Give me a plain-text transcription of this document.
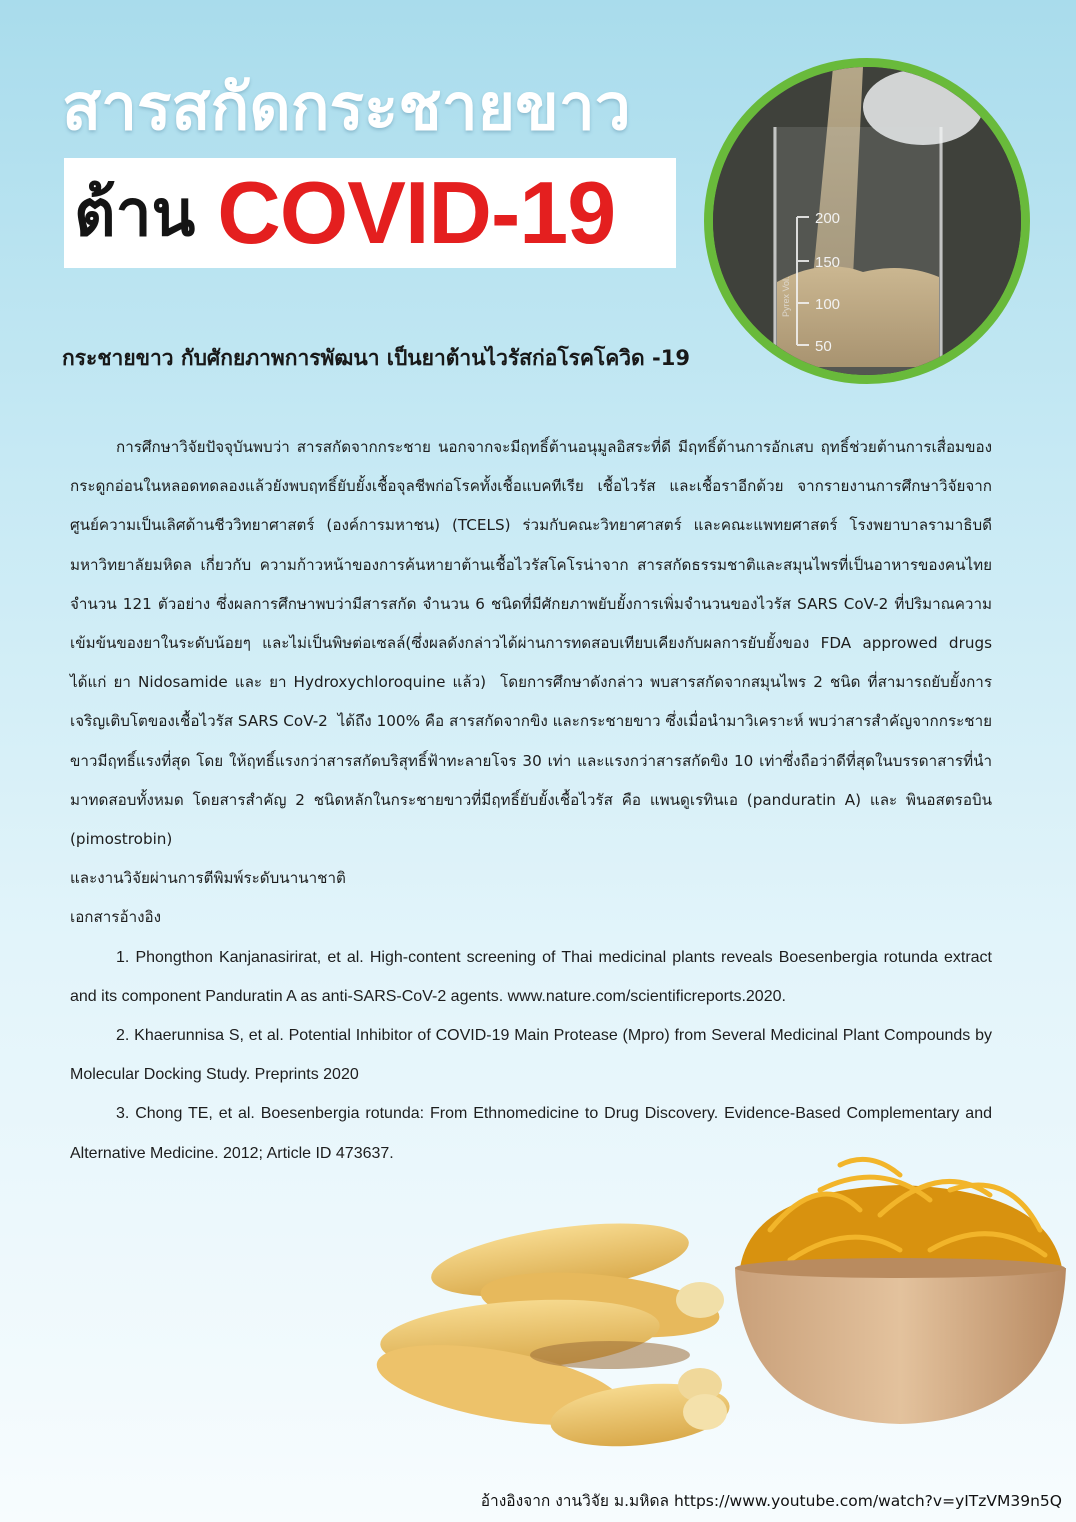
สารสกัดกระชายขาว
ต้าน COVID-19	200
150
100
50
Pyrex Vol.
กระชายขาว กับศักยภาพการพัฒนา เป็นยาต้านไวรัสก่อโรคโควิด -19

การศึกษาวิจัยปัจจุบันพบว่า สารสกัดจากกระชาย นอกจากจะมีฤทธิ์ต้านอนุมูลอิสระที่ดี มีฤทธิ์ต้านการอักเสบ ฤทธิ์ช่วยต้านการเสื่อมของกระดูกอ่อนในหลอดทดลองแล้วยังพบฤทธิ์ยับยั้งเชื้อจุลชีพก่อโรคทั้งเชื้อแบคทีเรีย เชื้อไวรัส และเชื้อราอีกด้วย จากรายงานการศึกษาวิจัยจากศูนย์ความเป็นเลิศด้านชีววิทยาศาสตร์ (องค์การมหาชน) (TCELS) ร่วมกับคณะวิทยาศาสตร์ และคณะแพทยศาสตร์ โรงพยาบาลรามาธิบดี มหาวิทยาลัยมหิดล เกี่ยวกับ ความก้าวหน้าของการค้นหายาต้านเชื้อไวรัสโคโรน่าจาก สารสกัดธรรมชาติและสมุนไพรที่เป็นอาหารของคนไทย จำนวน 121 ตัวอย่าง ซึ่งผลการศึกษาพบว่ามีสารสกัด จำนวน 6 ชนิดที่มีศักยภาพยับยั้งการเพิ่มจำนวนของไวรัส SARS CoV-2 ที่ปริมาณความเข้มข้นของยาในระดับน้อยๆ และไม่เป็นพิษต่อเซลล์(ซึ่งผลดังกล่าวได้ผ่านการทดสอบเทียบเคียงกับผลการยับยั้งของ FDA approwed drugs  ได้แก่ ยา Nidosamide และ ยา Hydroxychloroquine แล้ว)  โดยการศึกษาดังกล่าว พบสารสกัดจากสมุนไพร 2 ชนิด ที่สามารถยับยั้งการเจริญเติบโตของเชื้อไวรัส SARS CoV-2  ได้ถึง 100% คือ สารสกัดจากขิง และกระชายขาว ซึ่งเมื่อนำมาวิเคราะห์ พบว่าสารสำคัญจากกระชายขาวมีฤทธิ์แรงที่สุด โดย ให้ฤทธิ์แรงกว่าสารสกัดบริสุทธิ์ฟ้าทะลายโจร 30 เท่า และแรงกว่าสารสกัดขิง 10 เท่าซึ่งถือว่าดีที่สุดในบรรดาสารที่นำมาทดสอบทั้งหมด โดยสารสำคัญ 2 ชนิดหลักในกระชายขาวที่มีฤทธิ์ยับยั้งเชื้อไวรัส คือ แพนดูเรทินเอ (panduratin A) และ พินอสตรอบิน (pimostrobin)

และงานวิจัยผ่านการตีพิมพ์ระดับนานาชาติ

เอกสารอ้างอิง

1. Phongthon Kanjanasirirat, et al. High-content screening of Thai medicinal plants reveals Boesenbergia rotunda extract and its component Panduratin A as anti-SARS-CoV-2 agents. www.nature.com/scientificreports.2020.

2. Khaerunnisa S, et al. Potential Inhibitor of COVID-19 Main Protease (Mpro) from Several Medicinal Plant Compounds by Molecular Docking Study. Preprints 2020

3. Chong TE, et al. Boesenbergia rotunda: From Ethnomedicine to Drug Discovery. Evidence-Based Complementary and Alternative Medicine. 2012; Article ID 473637.

อ้างอิงจาก งานวิจัย ม.มหิดล https://www.youtube.com/watch?v=yITzVM39n5Q
